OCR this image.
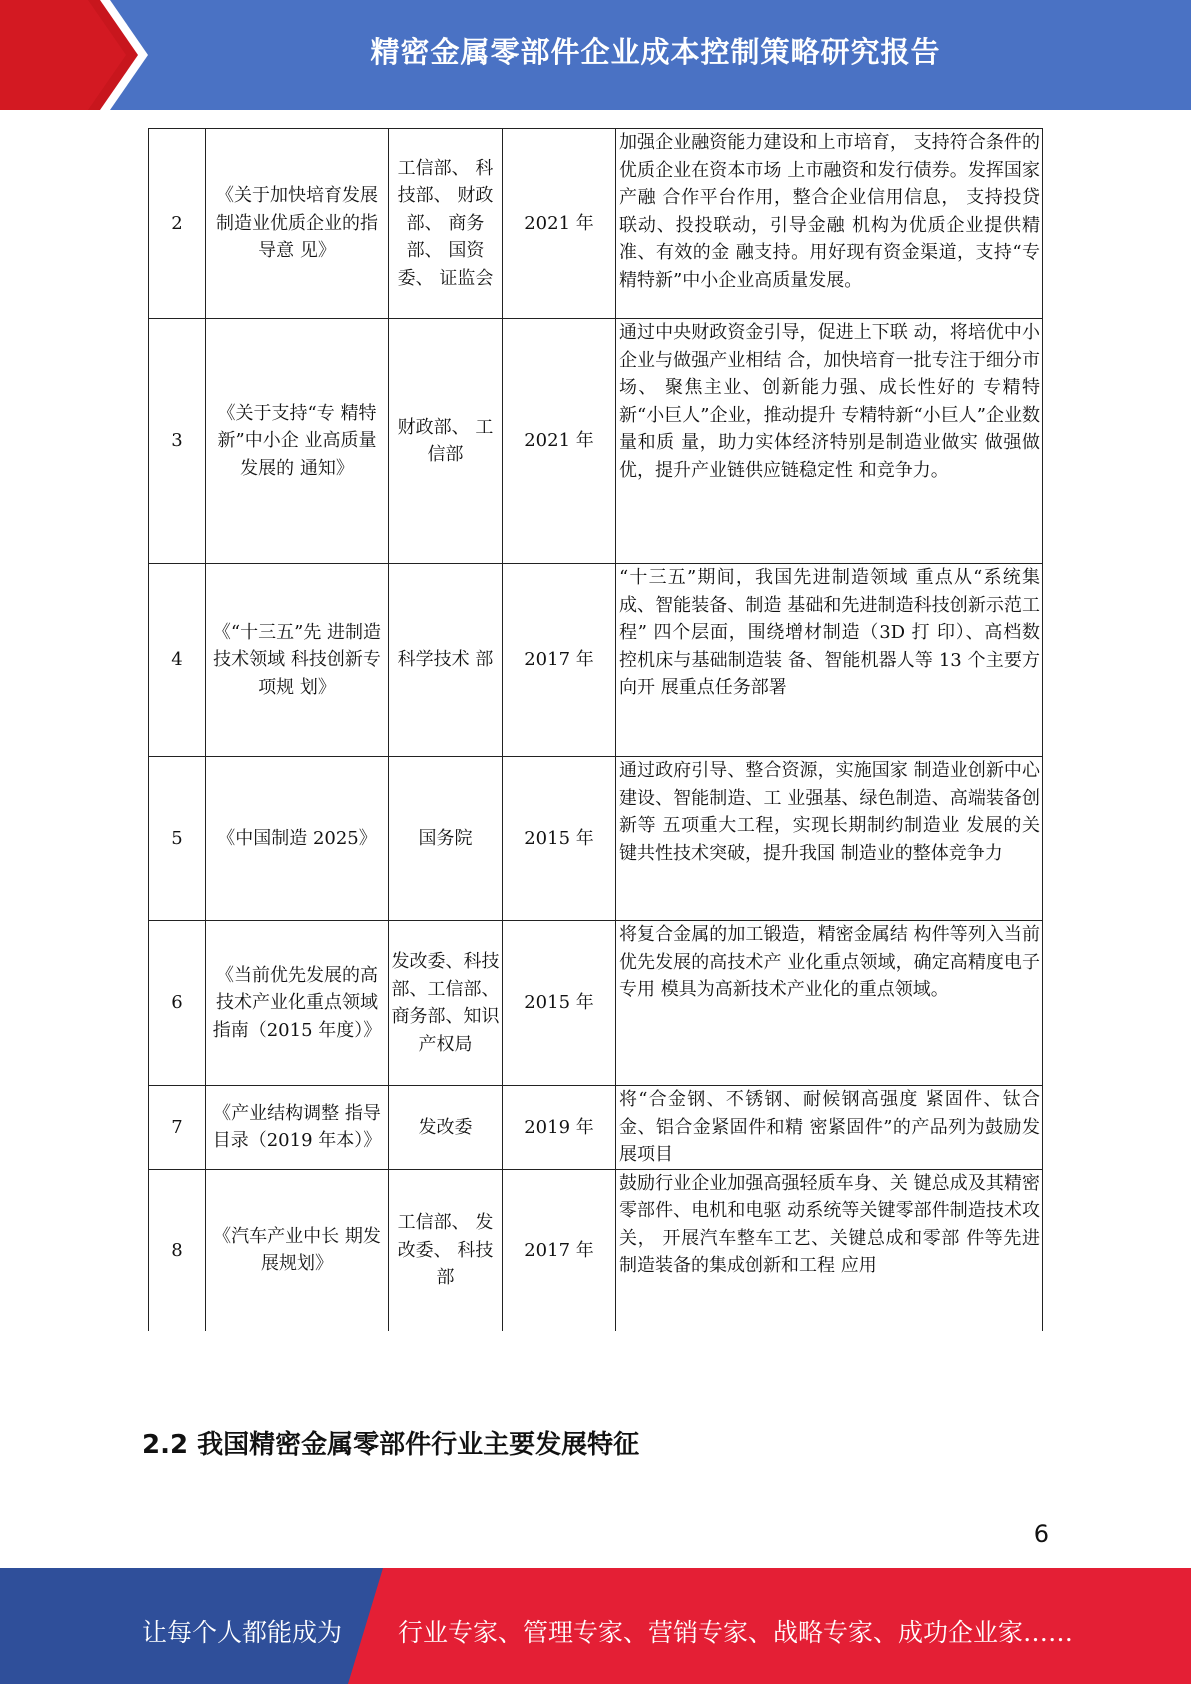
精密金属零部件企业成本控制策略研究报告
2	《关于加快培育发展制造业优质企业的指导意 见》	工信部、 科技部、 财政部、 商务部、 国资委、 证监会	2021 年	加强企业融资能力建设和上市培育， 支持符合条件的优质企业在资本市场 上市融资和发行债券。发挥国家产融 合作平台作用，整合企业信用信息， 支持投贷联动、投投联动，引导金融 机构为优质企业提供精准、有效的金 融支持。用好现有资金渠道，支持“专精特新”中小企业高质量发展。
3	《关于支持“专 精特新”中小企 业高质量发展的 通知》	财政部、 工信部	2021 年	通过中央财政资金引导，促进上下联 动，将培优中小企业与做强产业相结 合，加快培育一批专注于细分市场、 聚焦主业、创新能力强、成长性好的 专精特新“小巨人”企业，推动提升 专精特新“小巨人”企业数量和质 量，助力实体经济特别是制造业做实 做强做优，提升产业链供应链稳定性 和竞争力。
4	《“十三五”先 进制造技术领域 科技创新专项规 划》	科学技术 部	2017 年	“十三五”期间，我国先进制造领域 重点从“系统集成、智能装备、制造 基础和先进制造科技创新示范工程” 四个层面，围绕增材制造（3D 打 印）、高档数控机床与基础制造装 备、智能机器人等 13 个主要方向开 展重点任务部署
5	《中国制造 2025》	国务院	2015 年	通过政府引导、整合资源，实施国家 制造业创新中心建设、智能制造、工 业强基、绿色制造、高端装备创新等 五项重大工程，实现长期制约制造业 发展的关键共性技术突破，提升我国 制造业的整体竞争力
6	《当前优先发展的高技术产业化重点领域指南（2015 年度）》	发改委、科技部、工信部、商务部、知识产权局	2015 年	将复合金属的加工锻造，精密金属结 构件等列入当前优先发展的高技术产 业化重点领域，确定高精度电子专用 模具为高新技术产业化的重点领域。
7	《产业结构调整 指导目录（2019 年本）》	发改委	2019 年	将“合金钢、不锈钢、耐候钢高强度 紧固件、钛合金、铝合金紧固件和精 密紧固件”的产品列为鼓励发展项目
8	《汽车产业中长 期发展规划》	工信部、 发改委、 科技部	2017 年	鼓励行业企业加强高强轻质车身、关 键总成及其精密零部件、电机和电驱 动系统等关键零部件制造技术攻关， 开展汽车整车工艺、关键总成和零部 件等先进制造装备的集成创新和工程 应用
2.2 我国精密金属零部件行业主要发展特征
6
让每个人都能成为 行业专家、管理专家、营销专家、战略专家、成功企业家……
